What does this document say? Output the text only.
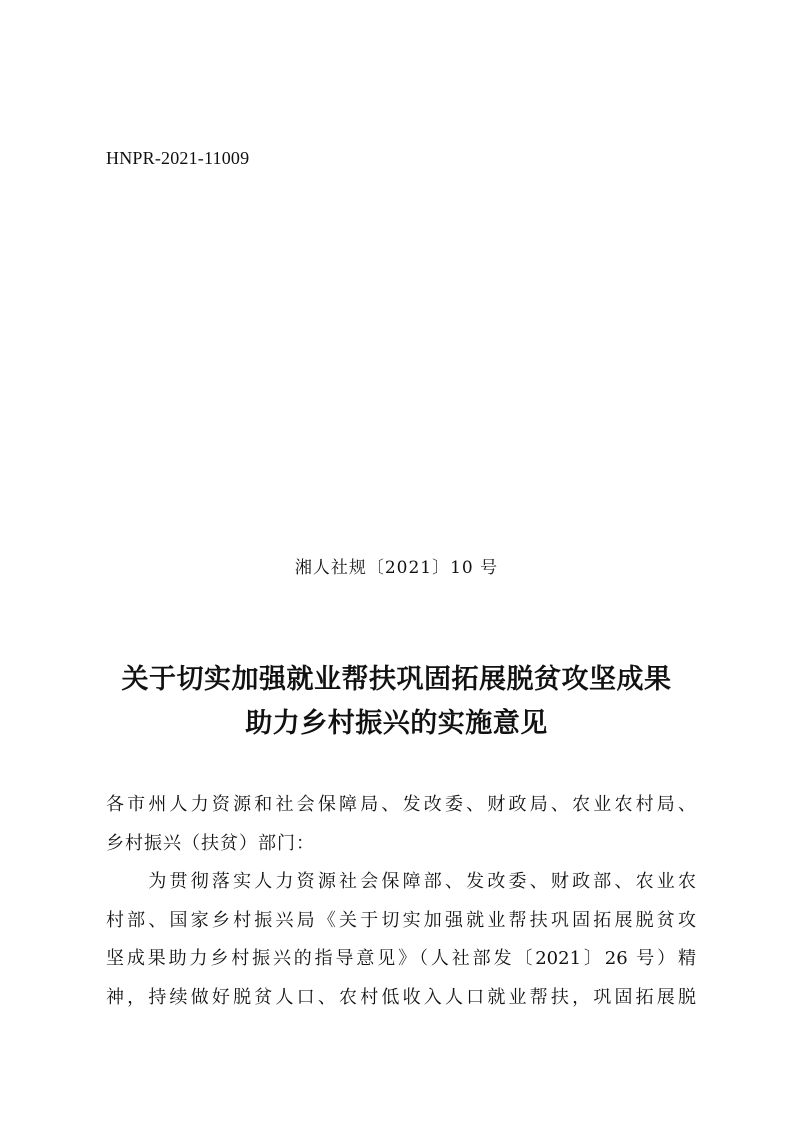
HNPR-2021-11009
湘人社规〔2021〕10 号
关于切实加强就业帮扶巩固拓展脱贫攻坚成果
助力乡村振兴的实施意见
各市州人力资源和社会保障局、发改委、财政局、农业农村局、
乡村振兴（扶贫）部门：
　　为贯彻落实人力资源社会保障部、发改委、财政部、农业农
村部、国家乡村振兴局《关于切实加强就业帮扶巩固拓展脱贫攻
坚成果助力乡村振兴的指导意见》（人社部发〔2021〕26 号）精
神，持续做好脱贫人口、农村低收入人口就业帮扶，巩固拓展脱
